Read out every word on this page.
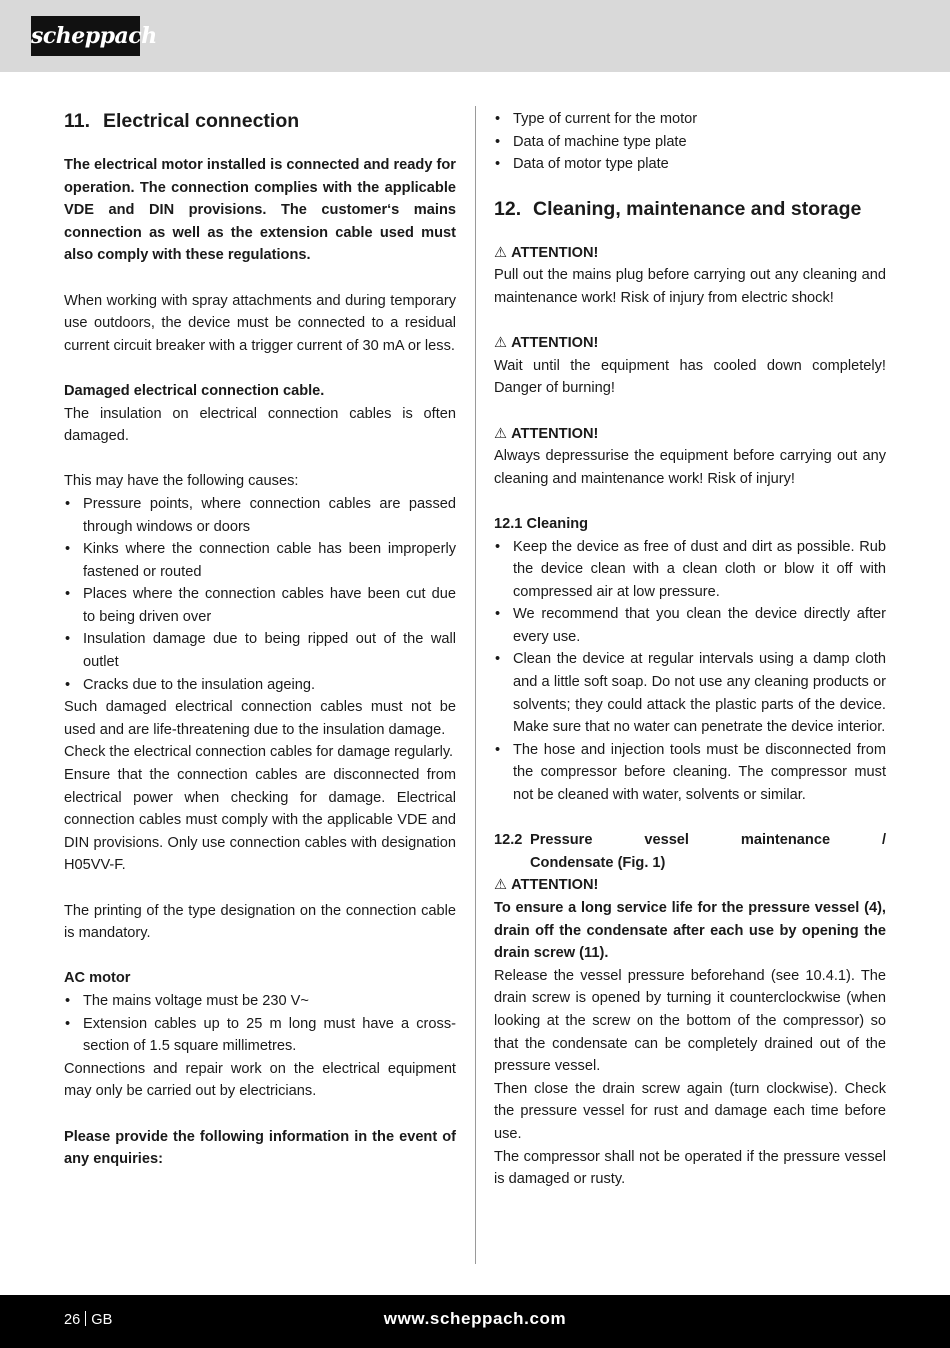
scheppach
11. Electrical connection

The electrical motor installed is connected and ready for operation. The connection complies with the applicable VDE and DIN provisions. The customer‘s mains connection as well as the extension cable used must also comply with these regulations.

When working with spray attachments and during temporary use outdoors, the device must be connected to a residual current circuit breaker with a trigger current of 30 mA or less.

Damaged electrical connection cable.

The insulation on electrical connection cables is often damaged.

This may have the following causes:

• Pressure points, where connection cables are passed through windows or doors
• Kinks where the connection cable has been improperly fastened or routed
• Places where the connection cables have been cut due to being driven over
• Insulation damage due to being ripped out of the wall outlet
• Cracks due to the insulation ageing.

Such damaged electrical connection cables must not be used and are life-threatening due to the insulation damage.

Check the electrical connection cables for damage regularly.

Ensure that the connection cables are disconnected from electrical power when checking for damage. Electrical connection cables must comply with the applicable VDE and DIN provisions. Only use connection cables with designation H05VV-F.

The printing of the type designation on the connection cable is mandatory.

AC motor

• The mains voltage must be 230 V~
• Extension cables up to 25 m long must have a cross-section of 1.5 square millimetres.

Connections and repair work on the electrical equipment may only be carried out by electricians.

Please provide the following information in the event of any enquiries:

• Type of current for the motor
• Data of machine type plate
• Data of motor type plate
12. Cleaning, maintenance and storage

⚠ ATTENTION!

Pull out the mains plug before carrying out any cleaning and maintenance work! Risk of injury from electric shock!

⚠ ATTENTION!

Wait until the equipment has cooled down completely! Danger of burning!

⚠ ATTENTION!

Always depressurise the equipment before carrying out any cleaning and maintenance work! Risk of injury!

12.1 Cleaning

• Keep the device as free of dust and dirt as possible. Rub the device clean with a clean cloth or blow it off with compressed air at low pressure.
• We recommend that you clean the device directly after every use.
• Clean the device at regular intervals using a damp cloth and a little soft soap. Do not use any cleaning products or solvents; they could attack the plastic parts of the device. Make sure that no water can penetrate the device interior.
• The hose and injection tools must be disconnected from the compressor before cleaning. The compressor must not be cleaned with water, solvents or similar.
12.2 Pressure vessel maintenance /
Condensate (Fig. 1)

⚠ ATTENTION!

To ensure a long service life for the pressure vessel (4), drain off the condensate after each use by opening the drain screw (11).

Release the vessel pressure beforehand (see 10.4.1). The drain screw is opened by turning it counterclockwise (when looking at the screw on the bottom of the compressor) so that the condensate can be completely drained out of the pressure vessel.

Then close the drain screw again (turn clockwise). Check the pressure vessel for rust and damage each time before use.

The compressor shall not be operated if the pressure vessel is damaged or rusty.

26 GB	www.scheppach.com
